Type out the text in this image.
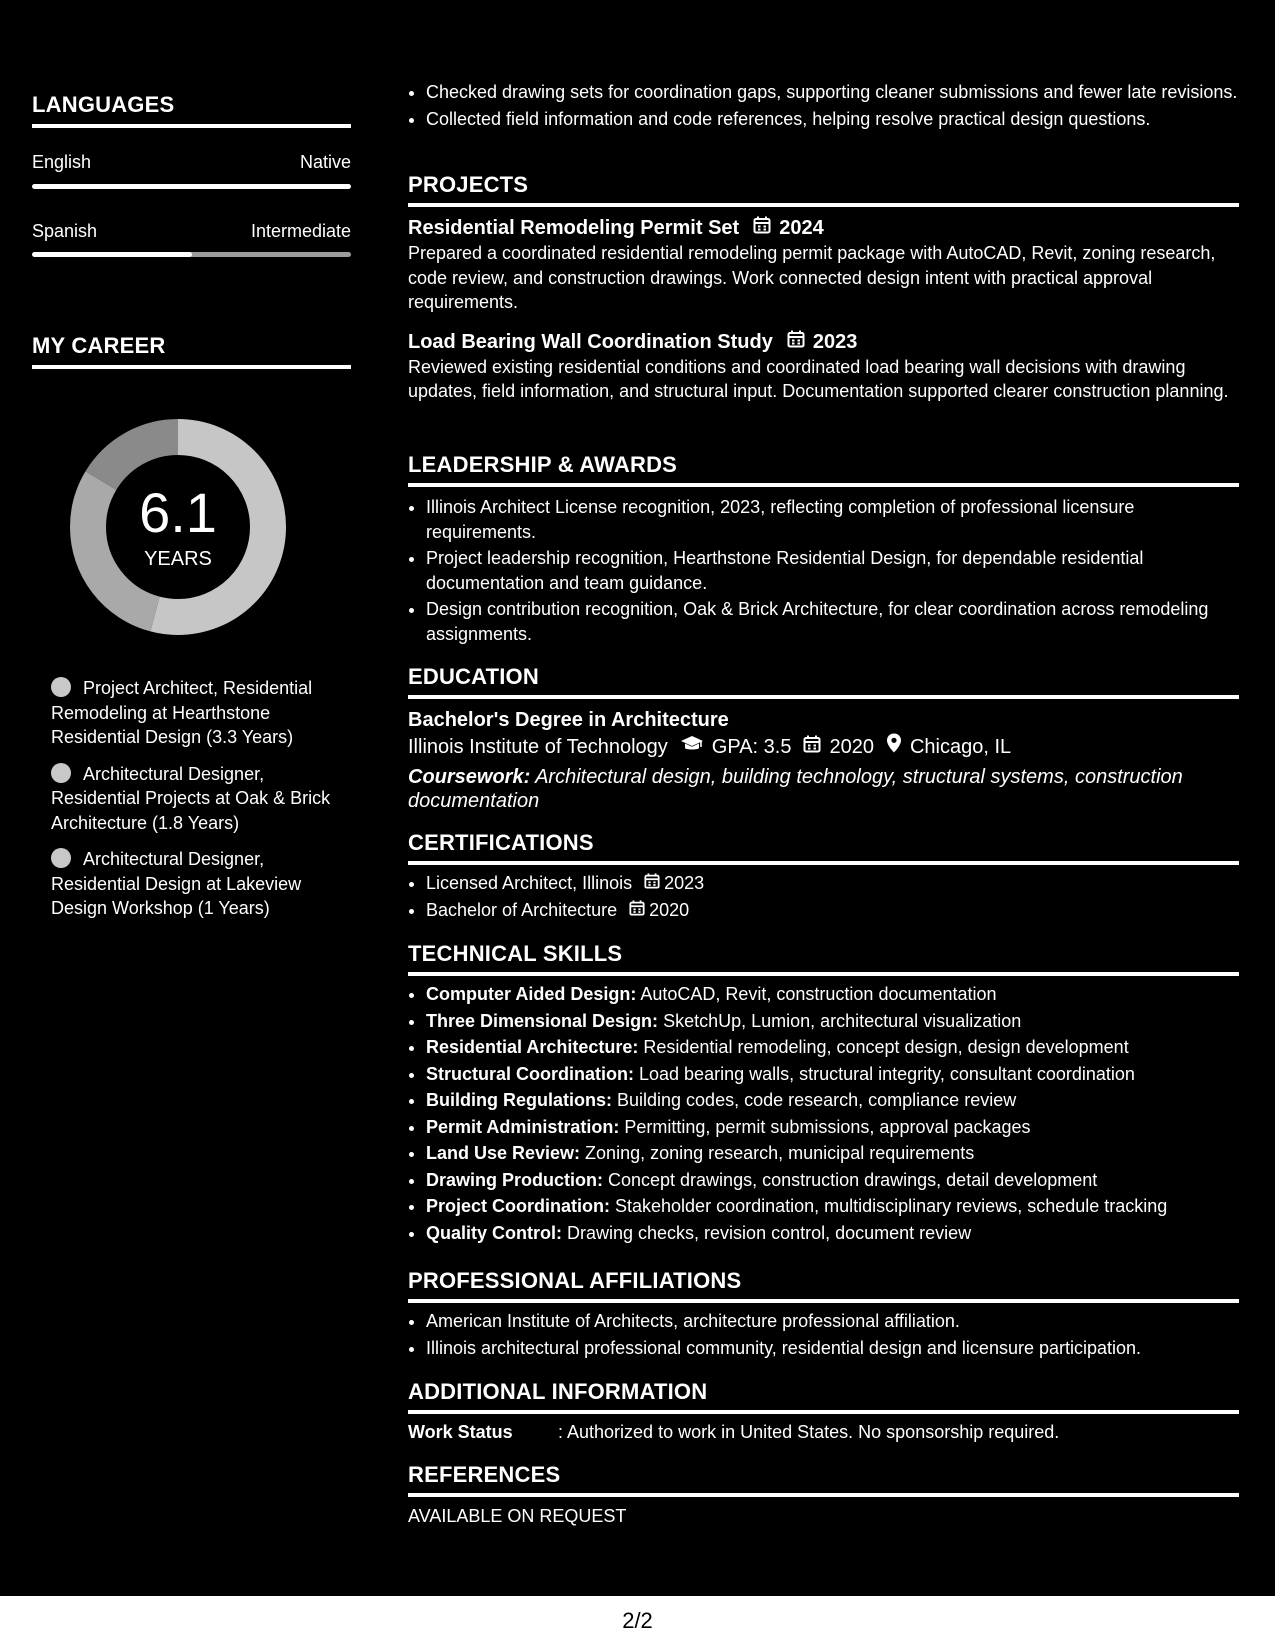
LANGUAGES
English	Native
Spanish	Intermediate
MY CAREER
6.1
YEARS
Project Architect, Residential Remodeling at Hearthstone Residential Design (3.3 Years)
Architectural Designer, Residential Projects at Oak & Brick Architecture (1.8 Years)
Architectural Designer, Residential Design at Lakeview Design Workshop (1 Years)
• Checked drawing sets for coordination gaps, supporting cleaner submissions and fewer late revisions.
• Collected field information and code references, helping resolve practical design questions.
PROJECTS
Residential Remodeling Permit Set 2024
Prepared a coordinated residential remodeling permit package with AutoCAD, Revit, zoning research, code review, and construction drawings. Work connected design intent with practical approval requirements.
Load Bearing Wall Coordination Study 2023
Reviewed existing residential conditions and coordinated load bearing wall decisions with drawing updates, field information, and structural input. Documentation supported clearer construction planning.
LEADERSHIP & AWARDS
• Illinois Architect License recognition, 2023, reflecting completion of professional licensure requirements.
• Project leadership recognition, Hearthstone Residential Design, for dependable residential documentation and team guidance.
• Design contribution recognition, Oak & Brick Architecture, for clear coordination across remodeling assignments.
EDUCATION
Bachelor's Degree in Architecture
Illinois Institute of Technology GPA: 3.5 2020 Chicago, IL
Coursework: Architectural design, building technology, structural systems, construction documentation
CERTIFICATIONS
• Licensed Architect, Illinois 2023
• Bachelor of Architecture 2020
TECHNICAL SKILLS
• Computer Aided Design: AutoCAD, Revit, construction documentation
• Three Dimensional Design: SketchUp, Lumion, architectural visualization
• Residential Architecture: Residential remodeling, concept design, design development
• Structural Coordination: Load bearing walls, structural integrity, consultant coordination
• Building Regulations: Building codes, code research, compliance review
• Permit Administration: Permitting, permit submissions, approval packages
• Land Use Review: Zoning, zoning research, municipal requirements
• Drawing Production: Concept drawings, construction drawings, detail development
• Project Coordination: Stakeholder coordination, multidisciplinary reviews, schedule tracking
• Quality Control: Drawing checks, revision control, document review
PROFESSIONAL AFFILIATIONS
• American Institute of Architects, architecture professional affiliation.
• Illinois architectural professional community, residential design and licensure participation.
ADDITIONAL INFORMATION
Work Status	: Authorized to work in United States. No sponsorship required.
REFERENCES
AVAILABLE ON REQUEST
2/2
